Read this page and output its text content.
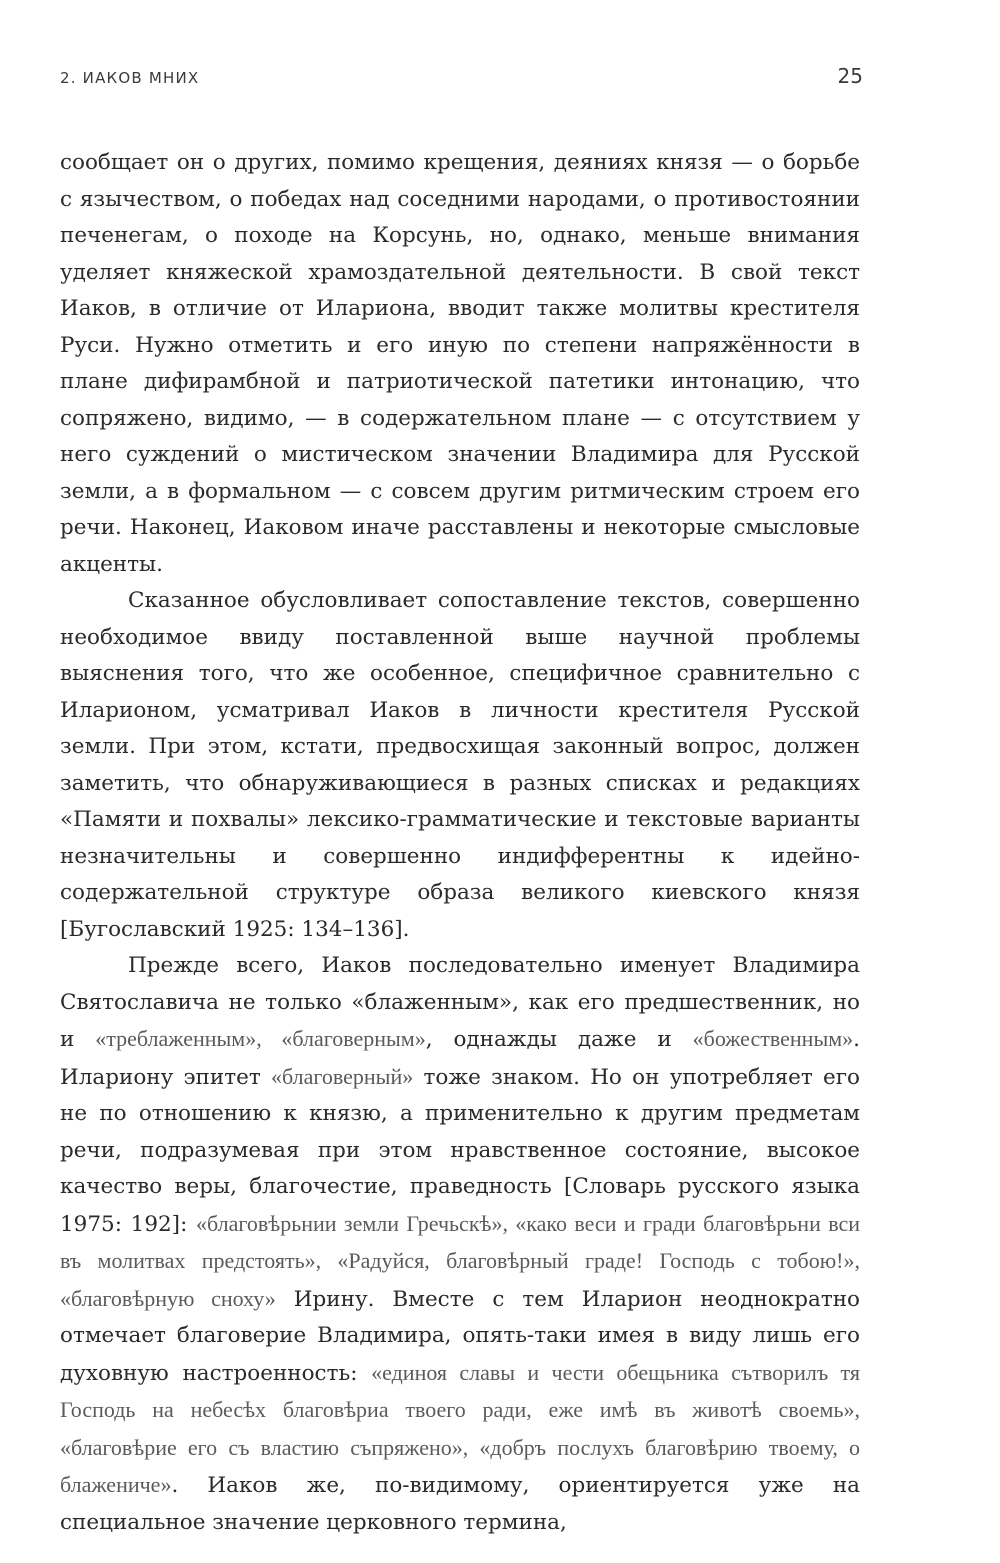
2. ИАКОВ МНИХ	25

сообщает он о других, помимо крещения, деяниях князя — о борьбе с язычеством, о победах над соседними народами, о противостоянии печенегам, о походе на Корсунь, но, однако, меньше внимания уделяет княжеской храмоздательной деятельности. В свой текст Иаков, в отличие от Илариона, вводит также молитвы крестителя Руси. Нужно отметить и его иную по степени напряжённости в плане дифирамбной и патриотической патетики интонацию, что сопряжено, видимо, — в содержательном плане — с отсутствием у него суждений о мистическом значении Владимира для Русской земли, а в формальном — с совсем другим ритмическим строем его речи. Наконец, Иаковом иначе расставлены и некоторые смысловые акценты.

Сказанное обусловливает сопоставление текстов, совершенно необходимое ввиду поставленной выше научной проблемы выяснения того, что же особенное, специфичное сравнительно с Иларионом, усматривал Иаков в личности крестителя Русской земли. При этом, кстати, предвосхищая законный вопрос, должен заметить, что обнаруживающиеся в разных списках и редакциях «Памяти и похвалы» лексико-грамматические и текстовые варианты незначительны и совершенно индифферентны к идейно-содержательной структуре образа великого киевского князя [Бугославский 1925: 134–136].

Прежде всего, Иаков последовательно именует Владимира Святославича не только «блаженным», как его предшественник, но и «треблаженным», «благоверным», однажды даже и «божественным». Илариону эпитет «благоверный» тоже знаком. Но он употребляет его не по отношению к князю, а применительно к другим предметам речи, подразумевая при этом нравственное состояние, высокое качество веры, благочестие, праведность [Словарь русского языка 1975: 192]: «благовѣрьнии земли Гречьскѣ», «како веси и гради благовѣрьни вси въ молитвах предстоять», «Радуйся, благовѣрный граде! Господь с тобою!», «благовѣрную сноху» Ирину. Вместе с тем Иларион неоднократно отмечает благоверие Владимира, опять-таки имея в виду лишь его духовную настроенность: «единоя славы и чести обещьника сътворилъ тя Господь на небесѣх благовѣриа твоего ради, еже имѣ въ животѣ своемь», «благовѣрие его съ властию съпряжено», «добръ послухъ благовѣрию твоему, о блажениче». Иаков же, по-видимому, ориентируется уже на специальное значение церковного термина,
